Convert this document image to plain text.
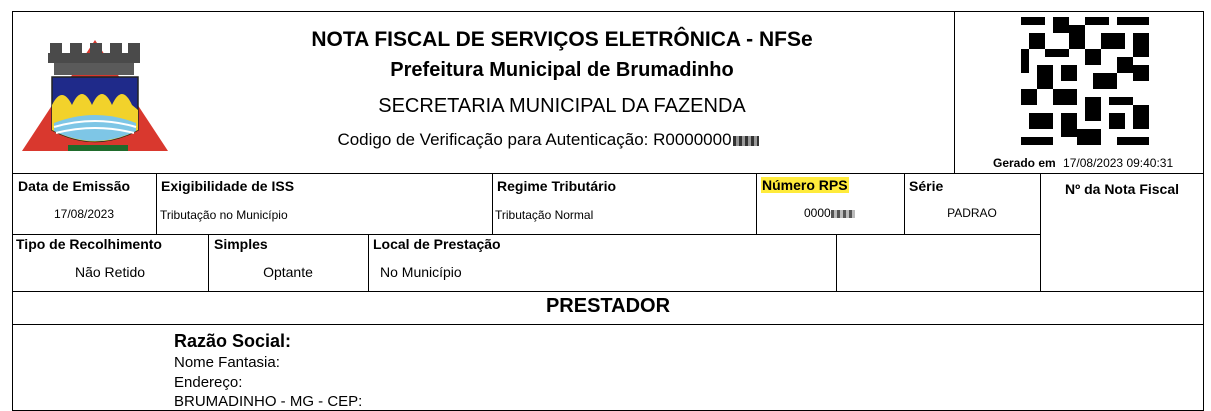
NOTA FISCAL DE SERVIÇOS ELETRÔNICA - NFSe
Prefeitura Municipal de Brumadinho
SECRETARIA MUNICIPAL DA FAZENDA
Codigo de Verificação para Autenticação: R0000000
Gerado em 17/08/2023 09:40:31
Data de Emissão
17/08/2023
Exigibilidade de ISS
Tributação no Município
Regime Tributário
Tributação Normal
Número RPS
0000
Série
PADRAO
Nº da Nota Fiscal
Tipo de Recolhimento
Não Retido
Simples
Optante
Local de Prestação
No Município
PRESTADOR
Razão Social:
Nome Fantasia:
Endereço:
BRUMADINHO - MG - CEP:
